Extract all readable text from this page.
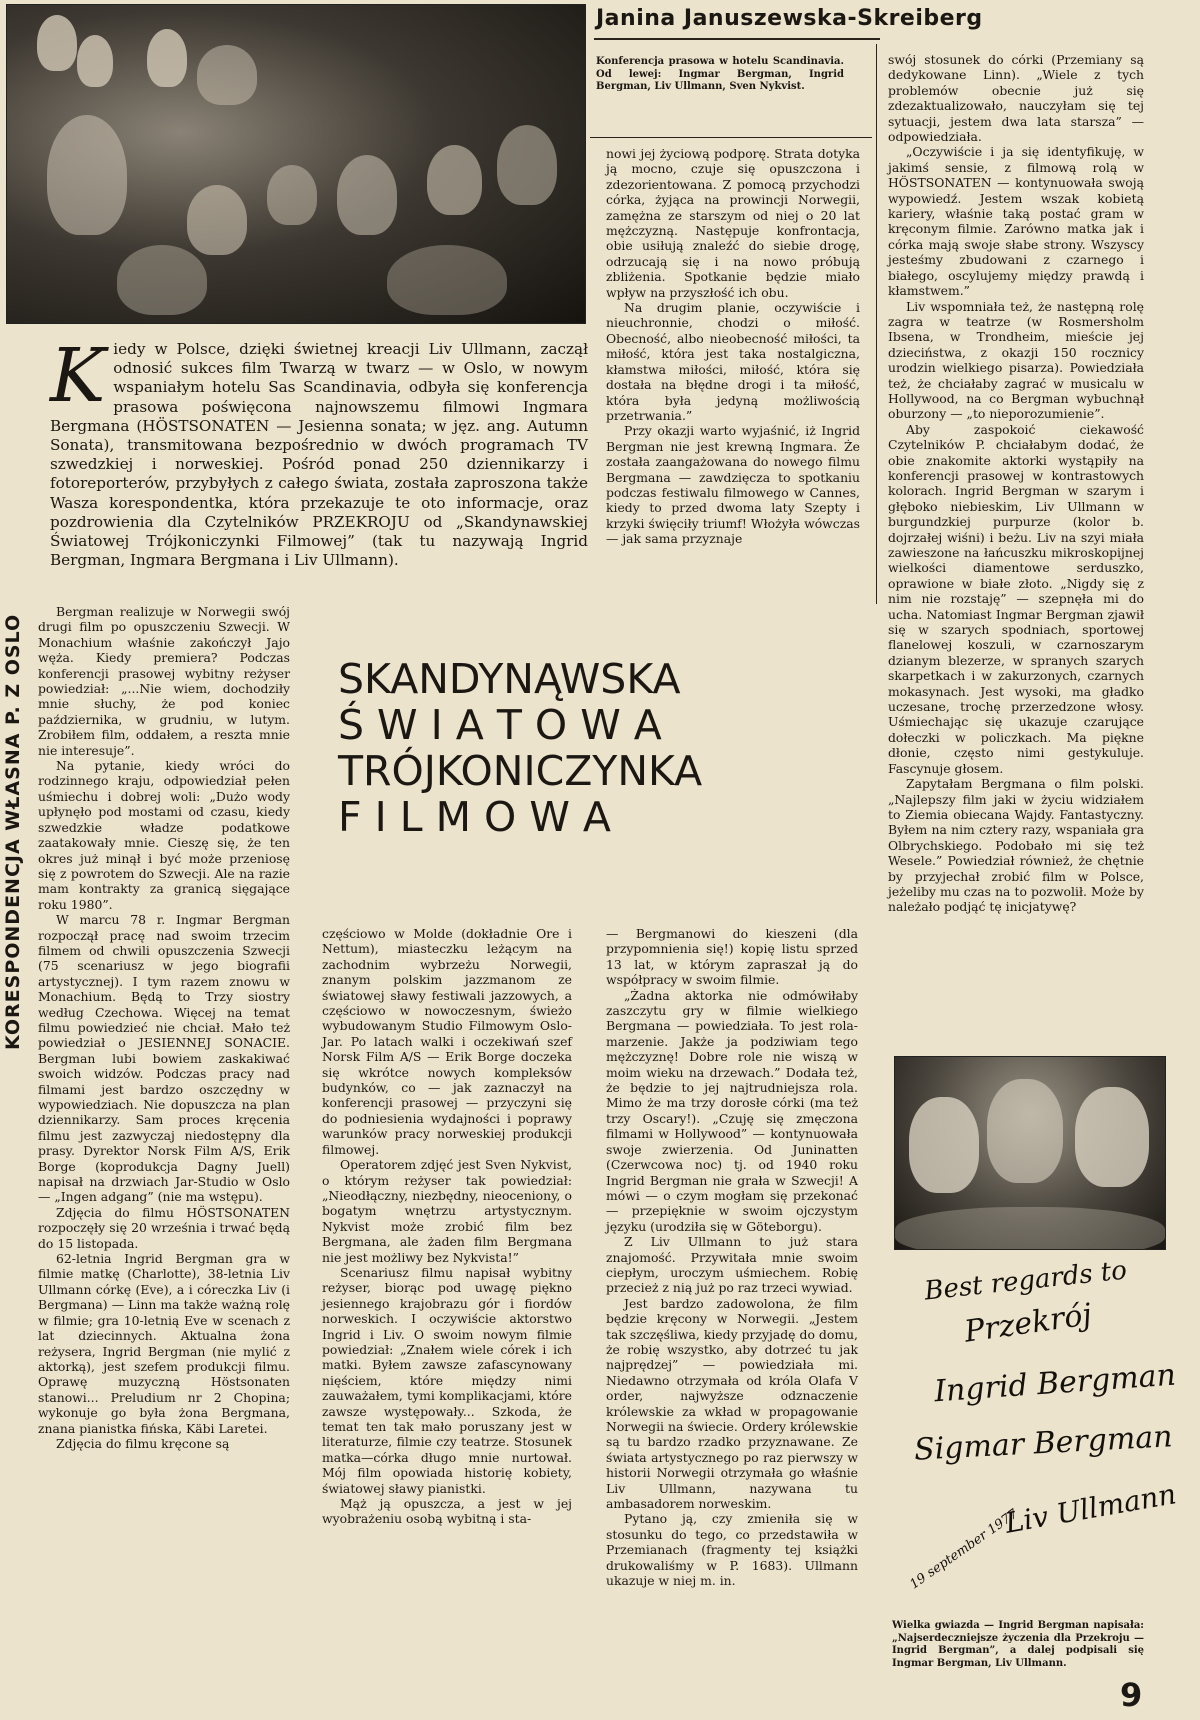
Janina Januszewska-Skreiberg
Konferencja prasowa w hotelu Scandinavia. Od lewej: Ingmar Bergman, Ingrid Bergman, Liv Ullmann, Sven Nykvist.

nowi jej życiową podporę. Strata dotyka ją mocno, czuje się opuszczona i zdezorientowana. Z pomocą przychodzi córka, żyjąca na prowincji Norwegii, zamężna ze starszym od niej o 20 lat mężczyzną. Następuje konfrontacja, obie usiłują znaleźć do siebie drogę, odrzucają się i na nowo próbują zbliżenia. Spotkanie będzie miało wpływ na przyszłość ich obu.

Na drugim planie, oczywiście i nieuchronnie, chodzi o miłość. Obecność, albo nieobecność miłości, ta miłość, która jest taka nostalgiczna, kłamstwa miłości, miłość, która się dostała na błędne drogi i ta miłość, która była jedyną możliwością przetrwania.”

Przy okazji warto wyjaśnić, iż Ingrid Bergman nie jest krewną Ingmara. Że została zaangażowana do nowego filmu Bergmana — zawdzięcza to spotkaniu podczas festiwalu filmowego w Cannes, kiedy to przed dwoma laty Szepty i krzyki święciły triumf! Włożyła wówczas — jak sama przyznaje

swój stosunek do córki (Przemiany są dedykowane Linn). „Wiele z tych problemów obecnie już się zdezaktualizowało, nauczyłam się tej sytuacji, jestem dwa lata starsza” — odpowiedziała.

„Oczywiście i ja się identyfikuję, w jakimś sensie, z filmową rolą w HÖSTSONATEN — kontynuowała swoją wypowiedź. Jestem wszak kobietą kariery, właśnie taką postać gram w kręconym filmie. Zarówno matka jak i córka mają swoje słabe strony. Wszyscy jesteśmy zbudowani z czarnego i białego, oscylujemy między prawdą i kłamstwem.”

Liv wspomniała też, że następną rolę zagra w teatrze (w Rosmersholm Ibsena, w Trondheim, mieście jej dzieciństwa, z okazji 150 rocznicy urodzin wielkiego pisarza). Powiedziała też, że chciałaby zagrać w musicalu w Hollywood, na co Bergman wybuchnął oburzony — „to nieporozumienie”.

Aby zaspokoić ciekawość Czytelników P. chciałabym dodać, że obie znakomite aktorki wystąpiły na konferencji prasowej w kontrastowych kolorach. Ingrid Bergman w szarym i głęboko niebieskim, Liv Ullmann w burgundzkiej purpurze (kolor b. dojrzałej wiśni) i beżu. Liv na szyi miała zawieszone na łańcuszku mikroskopijnej wielkości diamentowe serduszko, oprawione w białe złoto. „Nigdy się z nim nie rozstaję” — szepnęła mi do ucha. Natomiast Ingmar Bergman zjawił się w szarych spodniach, sportowej flanelowej koszuli, w czarnoszarym dzianym blezerze, w spranych szarych skarpetkach i w zakurzonych, czarnych mokasynach. Jest wysoki, ma gładko uczesane, trochę przerzedzone włosy. Uśmiechając się ukazuje czarujące dołeczki w policzkach. Ma piękne dłonie, często nimi gestykuluje. Fascynuje głosem.

Zapytałam Bergmana o film polski. „Najlepszy film jaki w życiu widziałem to Ziemia obiecana Wajdy. Fantastyczny. Byłem na nim cztery razy, wspaniała gra Olbrychskiego. Podobało mi się też Wesele.” Powiedział również, że chętnie by przyjechał zrobić film w Polsce, jeżeliby mu czas na to pozwolił. Może by należało podjąć tę inicjatywę?

Kiedy w Polsce, dzięki świetnej kreacji Liv Ullmann, zaczął odnosić sukces film Twarzą w twarz — w Oslo, w nowym wspaniałym hotelu Sas Scandinavia, odbyła się konferencja prasowa poświęcona najnowszemu filmowi Ingmara Bergmana (HÖSTSONATEN — Jesienna sonata; w jęz. ang. Autumn Sonata), transmitowana bezpośrednio w dwóch programach TV szwedzkiej i norweskiej. Pośród ponad 250 dziennikarzy i fotoreporterów, przybyłych z całego świata, została zaproszona także Wasza korespondentka, która przekazuje te oto informacje, oraz pozdrowienia dla Czytelników PRZEKROJU od „Skandynawskiej Światowej Trójkoniczynki Filmowej” (tak tu nazywają Ingrid Bergman, Ingmara Bergmana i Liv Ullmann).
KORESPONDENCJA WŁASNA P. Z OSLO	SKANDYNĄWSKA
Ś W I A T O W A
TRÓJKONICZYNKA
F I L M O W A

Bergman realizuje w Norwegii swój drugi film po opuszczeniu Szwecji. W Monachium właśnie zakończył Jajo węża. Kiedy premiera? Podczas konferencji prasowej wybitny reżyser powiedział: „...Nie wiem, dochodziły mnie słuchy, że pod koniec października, w grudniu, w lutym. Zrobiłem film, oddałem, a reszta mnie nie interesuje”.

Na pytanie, kiedy wróci do rodzinnego kraju, odpowiedział pełen uśmiechu i dobrej woli: „Dużo wody upłynęło pod mostami od czasu, kiedy szwedzkie władze podatkowe zaatakowały mnie. Cieszę się, że ten okres już minął i być może przeniosę się z powrotem do Szwecji. Ale na razie mam kontrakty za granicą sięgające roku 1980”.

W marcu 78 r. Ingmar Bergman rozpoczął pracę nad swoim trzecim filmem od chwili opuszczenia Szwecji (75 scenariusz w jego biografii artystycznej). I tym razem znowu w Monachium. Będą to Trzy siostry według Czechowa. Więcej na temat filmu powiedzieć nie chciał. Mało też powiedział o JESIENNEJ SONACIE. Bergman lubi bowiem zaskakiwać swoich widzów. Podczas pracy nad filmami jest bardzo oszczędny w wypowiedziach. Nie dopuszcza na plan dziennikarzy. Sam proces kręcenia filmu jest zazwyczaj niedostępny dla prasy. Dyrektor Norsk Film A/S, Erik Borge (koprodukcja Dagny Juell) napisał na drzwiach Jar-Studio w Oslo — „Ingen adgang” (nie ma wstępu).

Zdjęcia do filmu HÖSTSONATEN rozpoczęły się 20 września i trwać będą do 15 listopada.

62-letnia Ingrid Bergman gra w filmie matkę (Charlotte), 38-letnia Liv Ullmann córkę (Eve), a i córeczka Liv (i Bergmana) — Linn ma także ważną rolę w filmie; gra 10-letnią Eve w scenach z lat dziecinnych. Aktualna żona reżysera, Ingrid Bergman (nie mylić z aktorką), jest szefem produkcji filmu. Oprawę muzyczną Höstsonaten stanowi... Preludium nr 2 Chopina; wykonuje go była żona Bergmana, znana pianistka fińska, Käbi Laretei.

Zdjęcia do filmu kręcone są

częściowo w Molde (dokładnie Ore i Nettum), miasteczku leżącym na zachodnim wybrzeżu Norwegii, znanym polskim jazzmanom ze światowej sławy festiwali jazzowych, a częściowo w nowoczesnym, świeżo wybudowanym Studio Filmowym Oslo-Jar. Po latach walki i oczekiwań szef Norsk Film A/S — Erik Borge doczeka się wkrótce nowych kompleksów budynków, co — jak zaznaczył na konferencji prasowej — przyczyni się do podniesienia wydajności i poprawy warunków pracy norweskiej produkcji filmowej.

Operatorem zdjęć jest Sven Nykvist, o którym reżyser tak powiedział: „Nieodłączny, niezbędny, nieoceniony, o bogatym wnętrzu artystycznym. Nykvist może zrobić film bez Bergmana, ale żaden film Bergmana nie jest możliwy bez Nykvista!”

Scenariusz filmu napisał wybitny reżyser, biorąc pod uwagę piękno jesiennego krajobrazu gór i fiordów norweskich. I oczywiście aktorstwo Ingrid i Liv. O swoim nowym filmie powiedział: „Znałem wiele córek i ich matki. Byłem zawsze zafascynowany nięściem, które między nimi zauważałem, tymi komplikacjami, które zawsze występowały... Szkoda, że temat ten tak mało poruszany jest w literaturze, filmie czy teatrze. Stosunek matka—córka długo mnie nurtował. Mój film opowiada historię kobiety, światowej sławy pianistki.

Mąż ją opuszcza, a jest w jej wyobrażeniu osobą wybitną i sta-

— Bergmanowi do kieszeni (dla przypomnienia się!) kopię listu sprzed 13 lat, w którym zapraszał ją do współpracy w swoim filmie.

„Żadna aktorka nie odmówiłaby zaszczytu gry w filmie wielkiego Bergmana — powiedziała. To jest rola-marzenie. Jakże ja podziwiam tego mężczyznę! Dobre role nie wiszą w moim wieku na drzewach.” Dodała też, że będzie to jej najtrudniejsza rola. Mimo że ma trzy dorosłe córki (ma też trzy Oscary!). „Czuję się zmęczona filmami w Hollywood” — kontynuowała swoje zwierzenia. Od Juninatten (Czerwcowa noc) tj. od 1940 roku Ingrid Bergman nie grała w Szwecji! A mówi — o czym mogłam się przekonać — przepięknie w swoim ojczystym języku (urodziła się w Göteborgu).

Z Liv Ullmann to już stara znajomość. Przywitała mnie swoim ciepłym, uroczym uśmiechem. Robię przecież z nią już po raz trzeci wywiad.

Jest bardzo zadowolona, że film będzie kręcony w Norwegii. „Jestem tak szczęśliwa, kiedy przyjadę do domu, że robię wszystko, aby dotrzeć tu jak najprędzej” — powiedziała mi. Niedawno otrzymała od króla Olafa V order, najwyższe odznaczenie królewskie za wkład w propagowanie Norwegii na świecie. Ordery królewskie są tu bardzo rzadko przyznawane. Ze świata artystycznego po raz pierwszy w historii Norwegii otrzymała go właśnie Liv Ullmann, nazywana tu ambasadorem norweskim.

Pytano ją, czy zmieniła się w stosunku do tego, co przedstawiła w Przemianach (fragmenty tej książki drukowaliśmy w P. 1683). Ullmann ukazuje w niej m. in.

Best regards to
Przekrój
Ingrid Bergman
Sigmar Bergman
Liv Ullmann
19 september 1977
Wielka gwiazda — Ingrid Bergman napisała: „Najserdeczniejsze życzenia dla Przekroju — Ingrid Bergman”, a dalej podpisali się Ingmar Bergman, Liv Ullmann.
9
